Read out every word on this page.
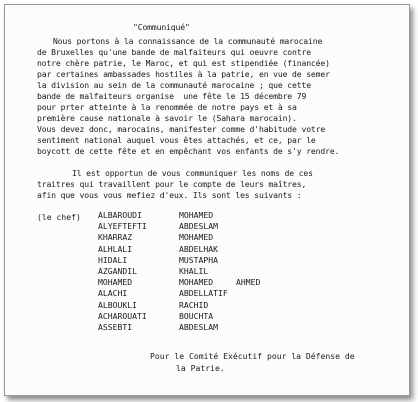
"Communiqué"
Nous portons à la connaissance de la communauté marocaine
de Bruxelles qu'une bande de malfaiteurs qui oeuvre contre
notre chère patrie, le Maroc, et qui est stipendiée (financée)
par certaines ambassades hostiles à la patrie, en vue de semer
la division au sein de la communauté marocaine ; que cette
bande de malfaiteurs organise  une fête le 15 décembre 79
pour prter atteinte à la renommée de notre pays et à sa
première cause nationale à savoir le (Sahara marocain).
Vous devez donc, marocains, manifester comme d'habitude votre
sentiment national auquel vous êtes attachés, et ce, par le
boycott de cette fête et en empêchant vos enfants de s'y rendre.
Il est opportun de vous communiquer les noms de ces
traitres qui travaillent pour le compte de leurs maîtres,
afin que vous vous mefiez d'eux. Ils sont les suivants :
(le chef) ALBAROUDI	MOHAMED
ALYEFTEFTI	ABDESLAM
KHARRAZ	MOHAMED
ALHLALI	ABDELHAK
HIDALI	MUSTAPHA
AZGANDIL	KHALIL
MOHAMED	MOHAMED	AHMED
ALACHI	ABDELLATIF
ALBOUKLI	RACHID
ACHAROUATI	BOUCHTA
ASSEBTI	ABDESLAM
Pour le Comité Exécutif pour la Défense de
la Patrie.
